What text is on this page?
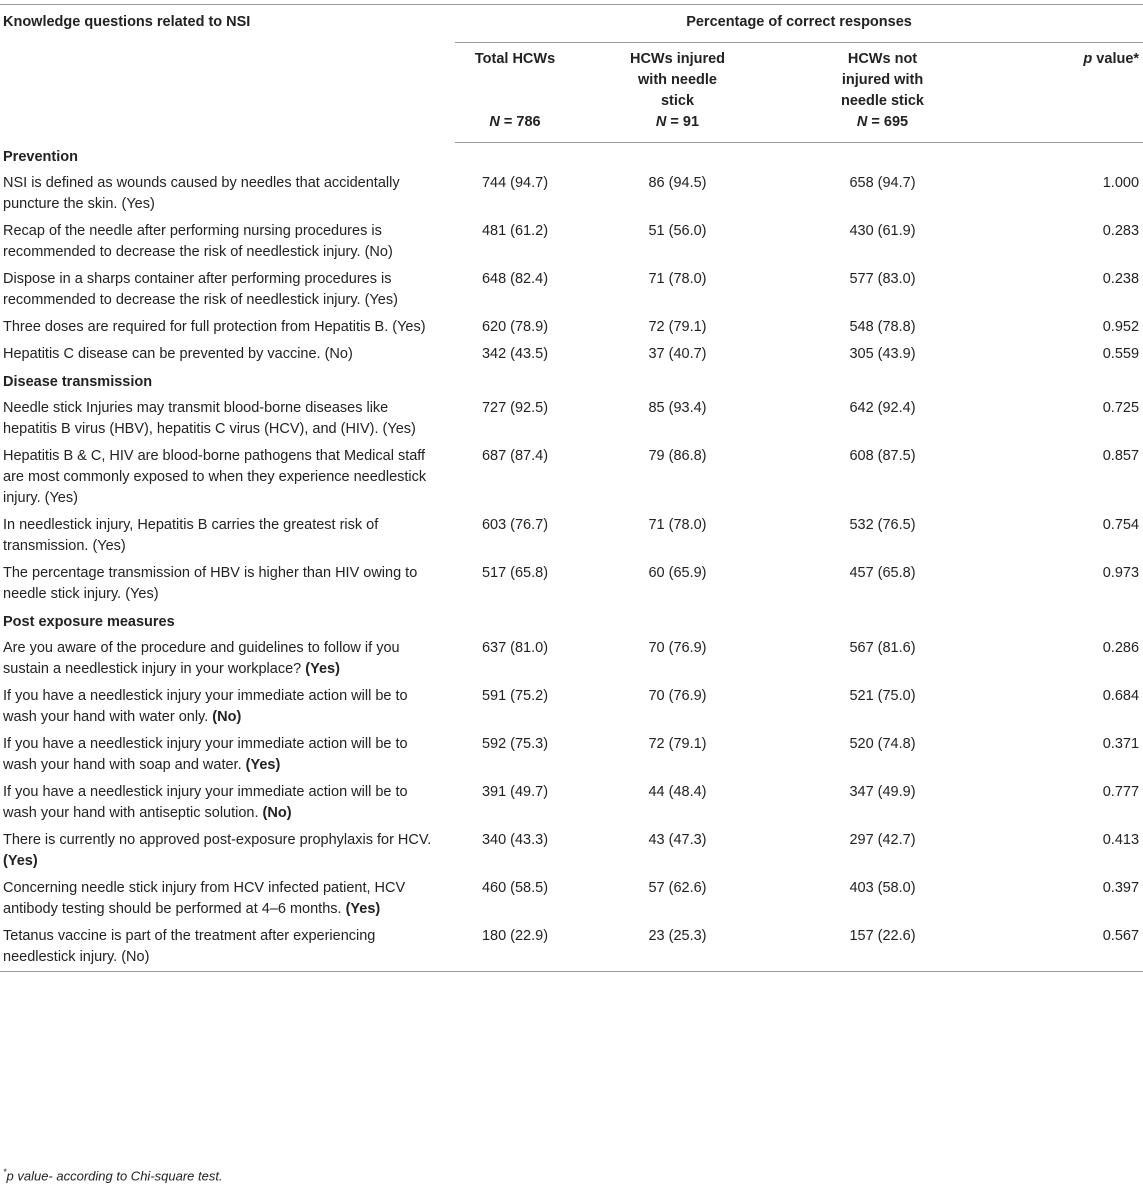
Knowledge questions related to NSI	Percentage of correct responses			

	Total HCWs	HCWs injured with needle stick	HCWs not injured with needle stick	p value*
	N = 786	N = 91	N = 695	
Prevention				
NSI is defined as wounds caused by needles that accidentally puncture the skin. (Yes)	744 (94.7)	86 (94.5)	658 (94.7)	1.000
Recap of the needle after performing nursing procedures is recommended to decrease the risk of needlestick injury. (No)	481 (61.2)	51 (56.0)	430 (61.9)	0.283
Dispose in a sharps container after performing procedures is recommended to decrease the risk of needlestick injury. (Yes)	648 (82.4)	71 (78.0)	577 (83.0)	0.238
Three doses are required for full protection from Hepatitis B. (Yes)	620 (78.9)	72 (79.1)	548 (78.8)	0.952
Hepatitis C disease can be prevented by vaccine. (No)	342 (43.5)	37 (40.7)	305 (43.9)	0.559
Disease transmission				
Needle stick Injuries may transmit blood-borne diseases like hepatitis B virus (HBV), hepatitis C virus (HCV), and (HIV). (Yes)	727 (92.5)	85 (93.4)	642 (92.4)	0.725
Hepatitis B & C, HIV are blood-borne pathogens that Medical staff are most commonly exposed to when they experience needlestick injury. (Yes)	687 (87.4)	79 (86.8)	608 (87.5)	0.857
In needlestick injury, Hepatitis B carries the greatest risk of transmission. (Yes)	603 (76.7)	71 (78.0)	532 (76.5)	0.754
The percentage transmission of HBV is higher than HIV owing to needle stick injury. (Yes)	517 (65.8)	60 (65.9)	457 (65.8)	0.973
Post exposure measures				
Are you aware of the procedure and guidelines to follow if you sustain a needlestick injury in your workplace? (Yes)	637 (81.0)	70 (76.9)	567 (81.6)	0.286
If you have a needlestick injury your immediate action will be to wash your hand with water only. (No)	591 (75.2)	70 (76.9)	521 (75.0)	0.684
If you have a needlestick injury your immediate action will be to wash your hand with soap and water. (Yes)	592 (75.3)	72 (79.1)	520 (74.8)	0.371
If you have a needlestick injury your immediate action will be to wash your hand with antiseptic solution. (No)	391 (49.7)	44 (48.4)	347 (49.9)	0.777
There is currently no approved post-exposure prophylaxis for HCV. (Yes)	340 (43.3)	43 (47.3)	297 (42.7)	0.413
Concerning needle stick injury from HCV infected patient, HCV antibody testing should be performed at 4–6 months. (Yes)	460 (58.5)	57 (62.6)	403 (58.0)	0.397
Tetanus vaccine is part of the treatment after experiencing needlestick injury. (No)	180 (22.9)	23 (25.3)	157 (22.6)	0.567
*p value- according to Chi-square test.
